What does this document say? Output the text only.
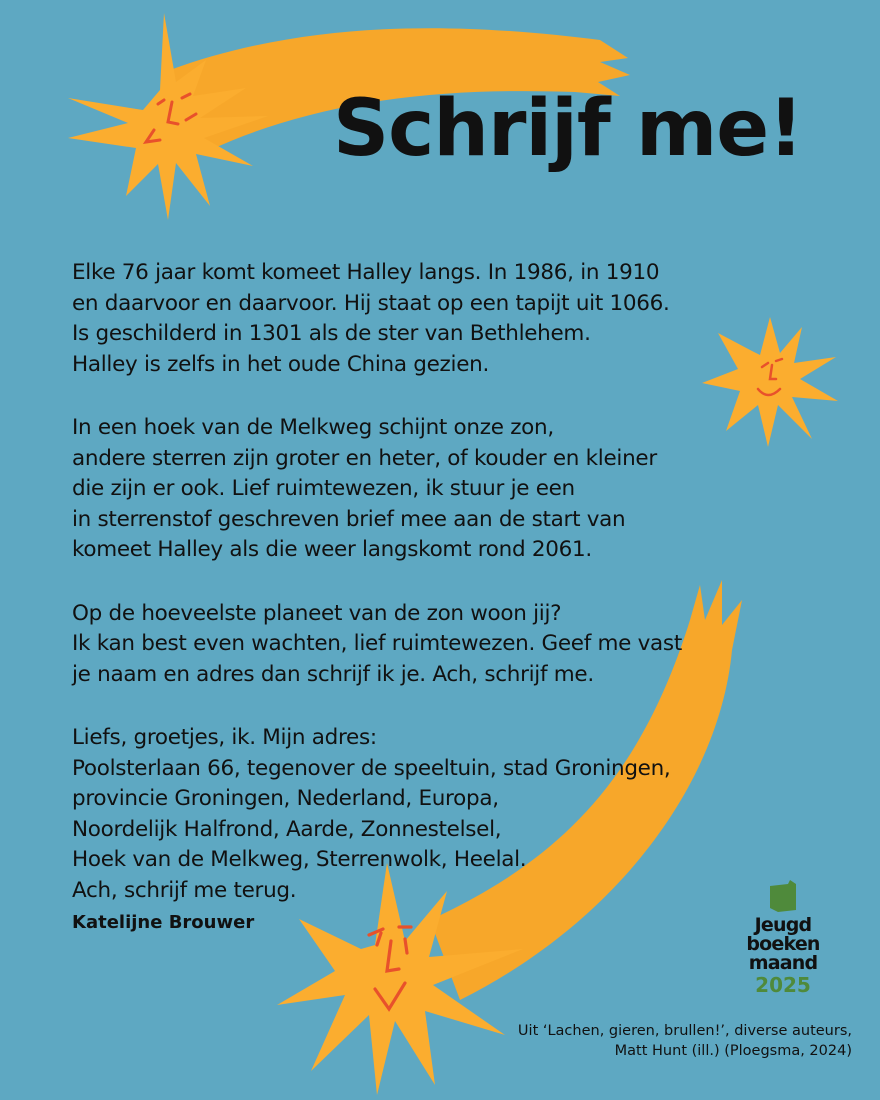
Schrijf me!

Elke 76 jaar komt komeet Halley langs. In 1986, in 1910
en daarvoor en daarvoor. Hij staat op een tapijt uit 1066.
Is geschilderd in 1301 als de ster van Bethlehem.
Halley is zelfs in het oude China gezien.

In een hoek van de Melkweg schijnt onze zon,
andere sterren zijn groter en heter, of kouder en kleiner
die zijn er ook. Lief ruimtewezen, ik stuur je een
in sterrenstof geschreven brief mee aan de start van
komeet Halley als die weer langskomt rond 2061.

Op de hoeveelste planeet van de zon woon jij?
Ik kan best even wachten, lief ruimtewezen. Geef me vast
je naam en adres dan schrijf ik je. Ach, schrijf me.

Liefs, groetjes, ik. Mijn adres:
Poolsterlaan 66, tegenover de speeltuin, stad Groningen,
provincie Groningen, Nederland, Europa,
Noordelijk Halfrond, Aarde, Zonnestelsel,
Hoek van de Melkweg, Sterrenwolk, Heelal.
Ach, schrijf me terug.

Katelijne Brouwer	Jeugd
boeken
maand
2025
Uit ‘Lachen, gieren, brullen!’, diverse auteurs,
Matt Hunt (ill.) (Ploegsma, 2024)
